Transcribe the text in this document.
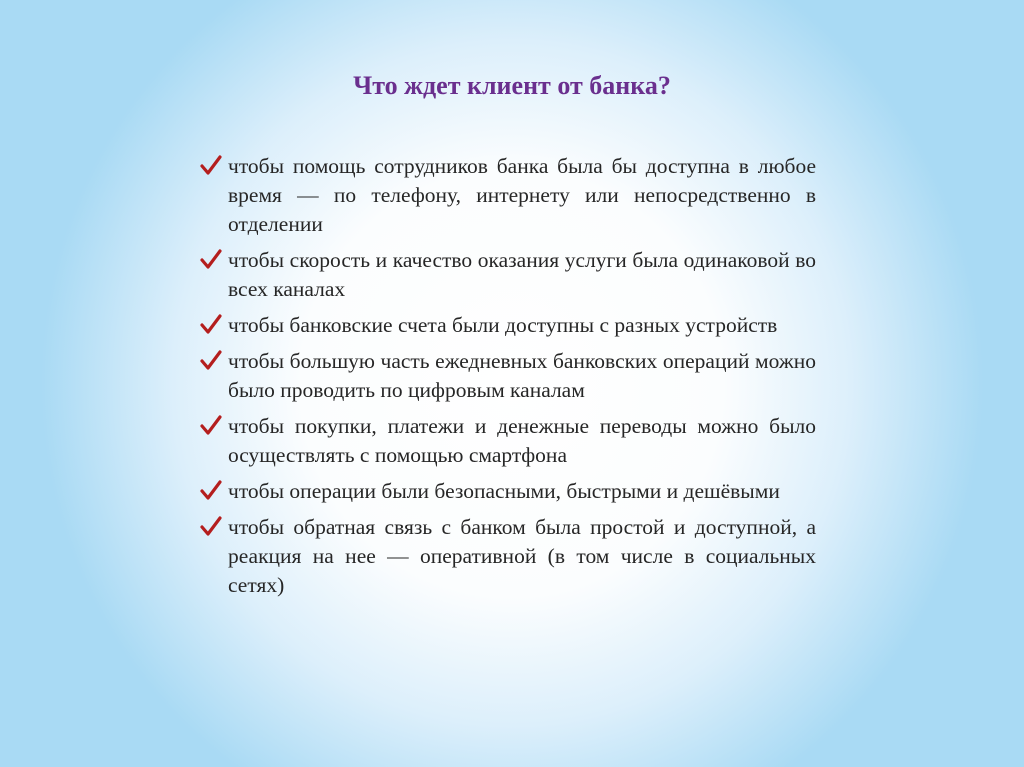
Что ждет клиент от банка?
чтобы помощь сотрудников банка была бы доступна в любое время — по телефону, интернету или непосредственно в отделении
чтобы скорость и качество оказания услуги была одинаковой во всех каналах
чтобы банковские счета были доступны с разных устройств
чтобы большую часть ежедневных банковских операций можно было проводить по цифровым каналам
чтобы покупки, платежи и денежные переводы можно было осуществлять с помощью смартфона
чтобы операции были безопасными, быстрыми и дешёвыми
чтобы обратная связь с банком была простой и доступной, а реакция на нее — оперативной (в том числе в социальных сетях)
